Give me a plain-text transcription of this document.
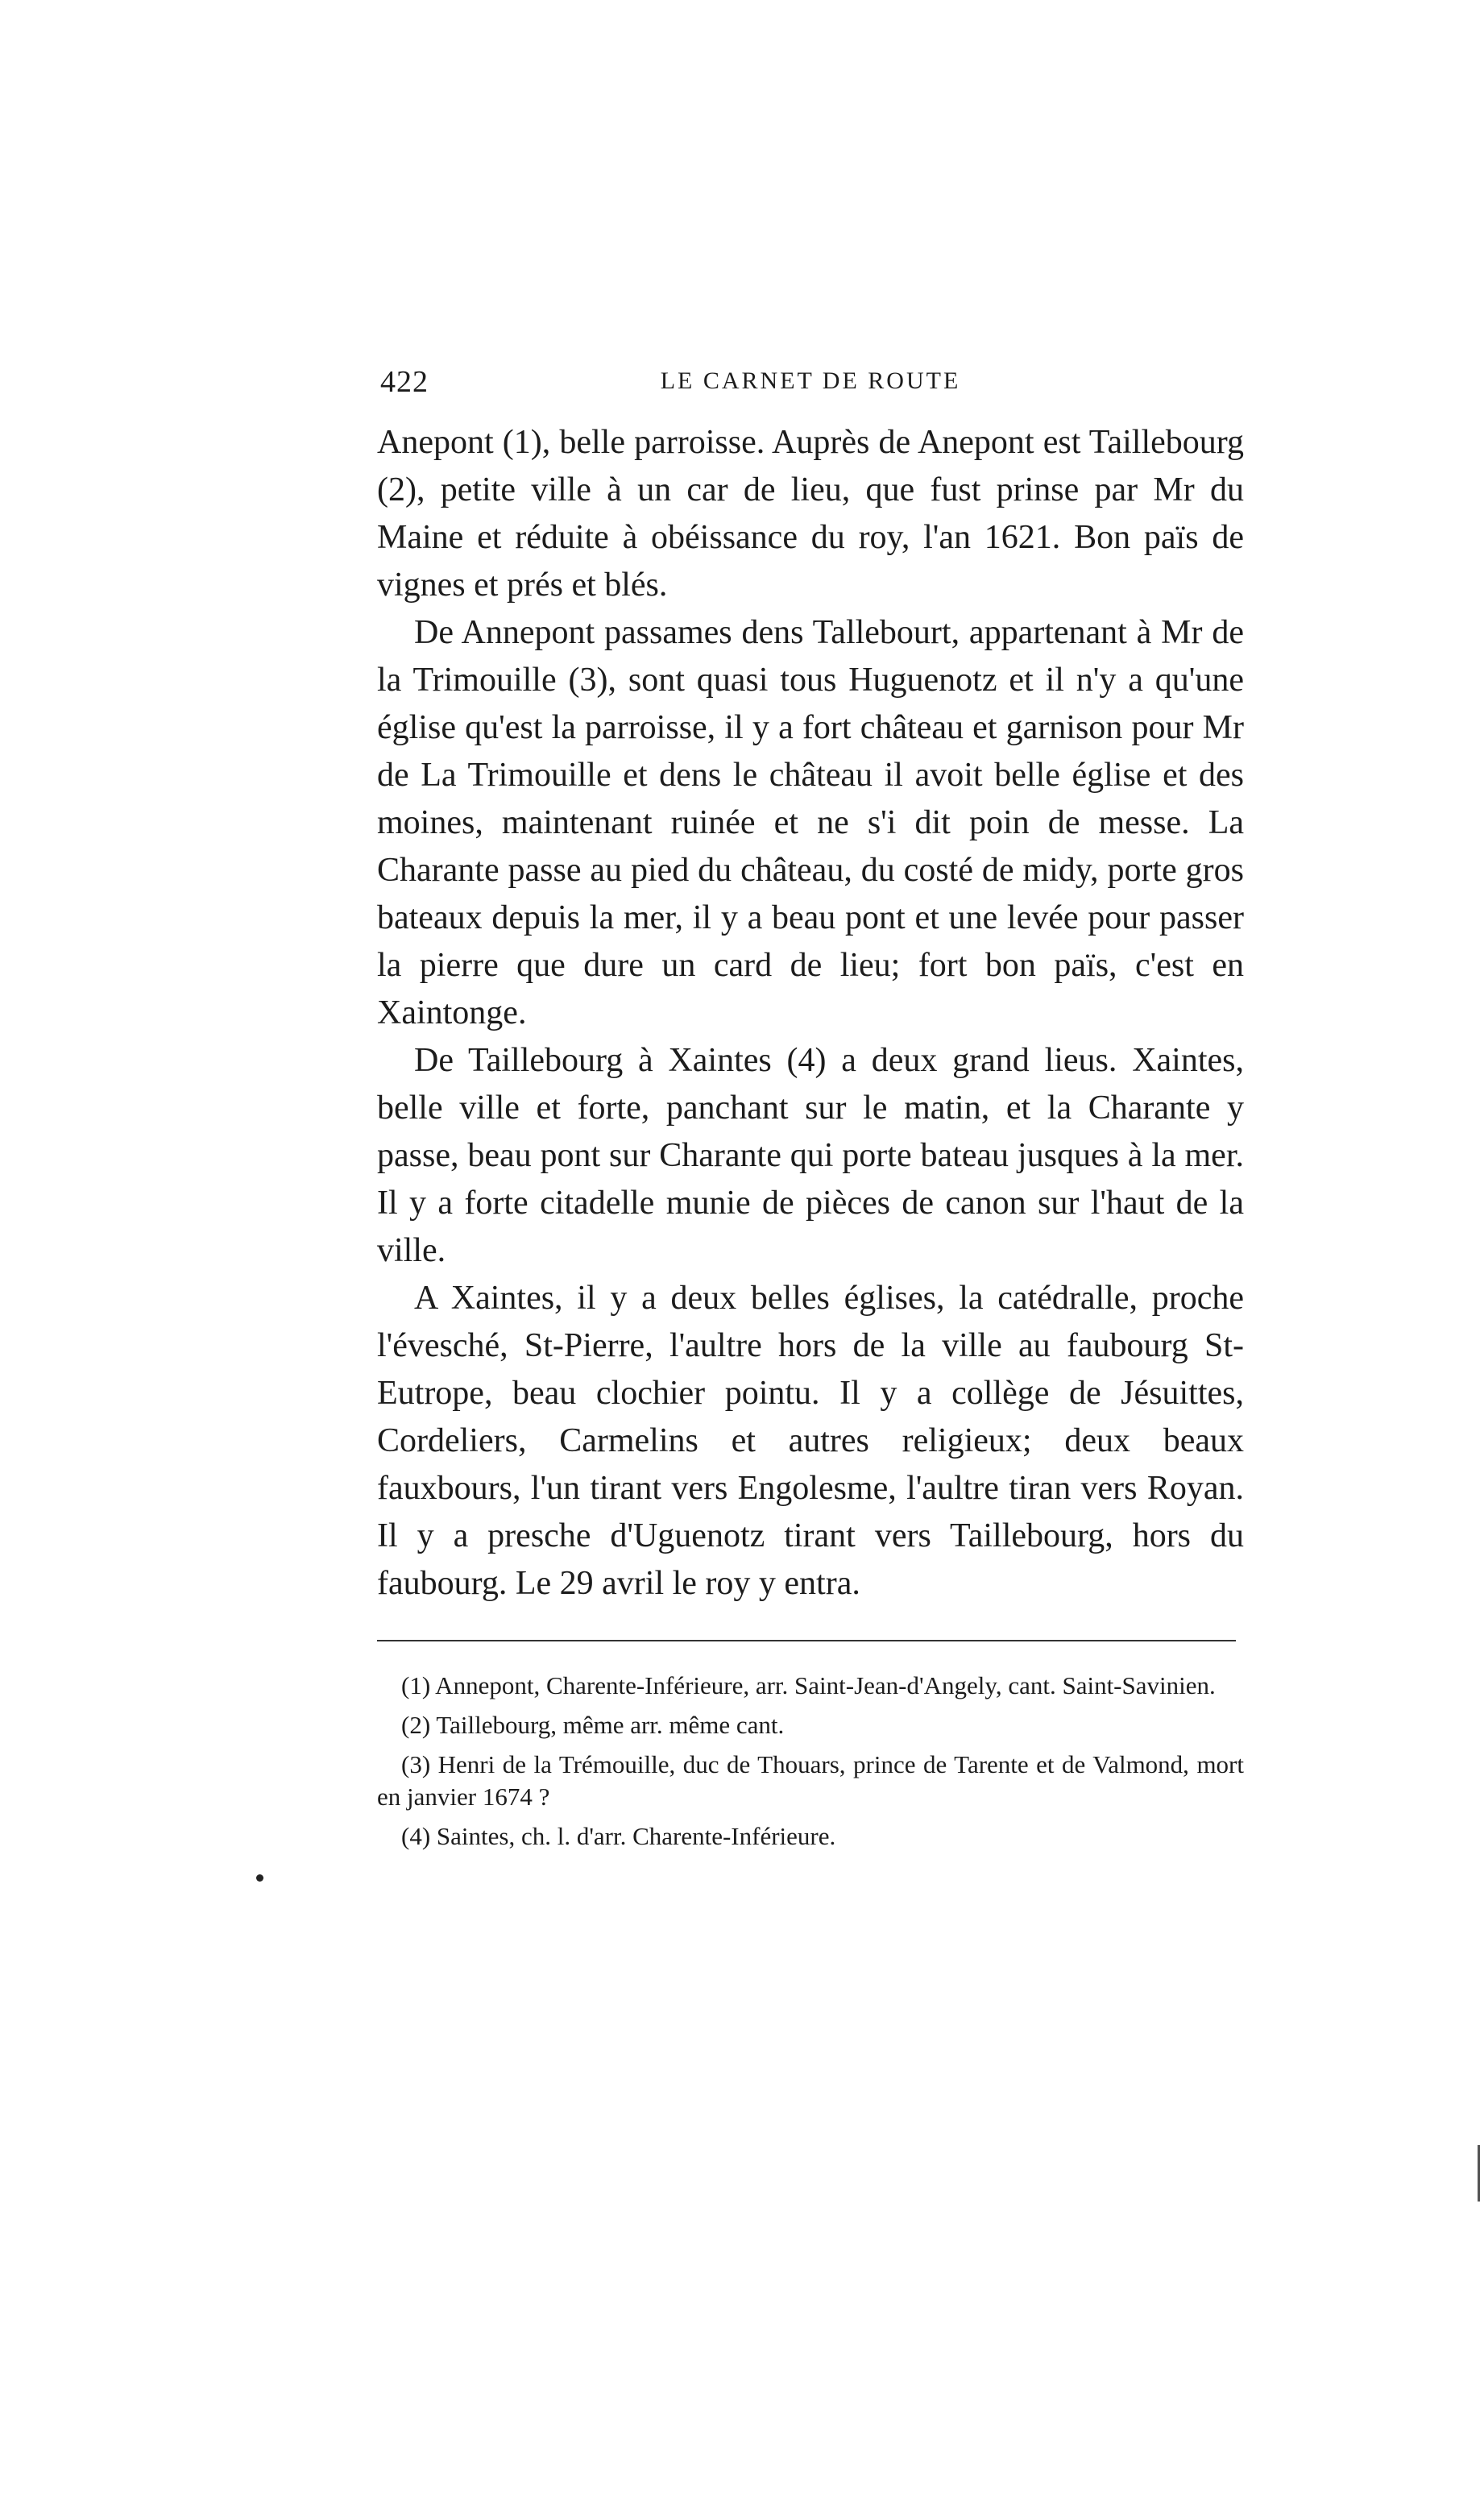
422	LE CARNET DE ROUTE

Anepont (1), belle parroisse. Auprès de Anepont est Taillebourg (2), petite ville à un car de lieu, que fust prinse par Mr du Maine et réduite à obéissance du roy, l'an 1621. Bon païs de vignes et prés et blés.

De Annepont passames dens Tallebourt, appartenant à Mr de la Trimouille (3), sont quasi tous Huguenotz et il n'y a qu'une église qu'est la parroisse, il y a fort château et garnison pour Mr de La Trimouille et dens le château il avoit belle église et des moines, maintenant ruinée et ne s'i dit poin de messe. La Charante passe au pied du château, du costé de midy, porte gros bateaux depuis la mer, il y a beau pont et une levée pour passer la pierre que dure un card de lieu; fort bon païs, c'est en Xaintonge.

De Taillebourg à Xaintes (4) a deux grand lieus. Xaintes, belle ville et forte, panchant sur le matin, et la Charante y passe, beau pont sur Charante qui porte bateau jusques à la mer. Il y a forte citadelle munie de pièces de canon sur l'haut de la ville.

A Xaintes, il y a deux belles églises, la catédralle, proche l'évesché, St-Pierre, l'aultre hors de la ville au faubourg St-Eutrope, beau clochier pointu. Il y a collège de Jésuittes, Cordeliers, Carmelins et autres religieux; deux beaux fauxbours, l'un tirant vers Engolesme, l'aultre tiran vers Royan. Il y a presche d'Uguenotz tirant vers Taillebourg, hors du faubourg. Le 29 avril le roy y entra.

(1) Annepont, Charente-Inférieure, arr. Saint-Jean-d'Angely, cant. Saint-Savinien.

(2) Taillebourg, même arr. même cant.

(3) Henri de la Trémouille, duc de Thouars, prince de Tarente et de Valmond, mort en janvier 1674 ?

(4) Saintes, ch. l. d'arr. Charente-Inférieure.
